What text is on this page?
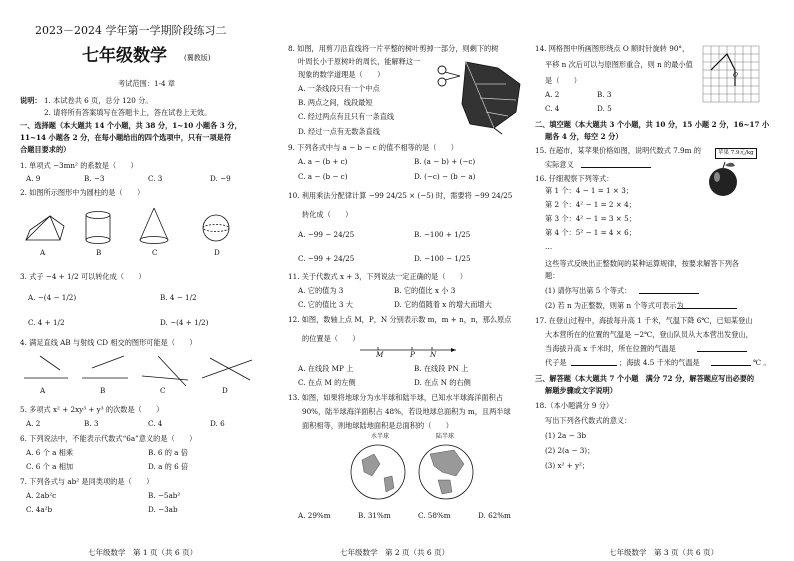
2023－2024 学年第一学期阶段练习二
七年级数学 (冀教版)
考试范围：1-4 章
说明： 1. 本试卷共 6 页，总分 120 分。
2. 请将所有答案填写在答题卡上，答在试卷上无效。
一、选择题（本大题共 14 个小题，共 38 分，1~10 小题各 3 分，
11~14 小题各 2 分，在每小题给出的四个选项中，只有一项是符
合题目要求的）
1. 单项式 −3mn² 的系数是（　　）
A. 9	B. −3	C. 3	D. −9
2. 如图所示图形中为圆柱的是（　　）
A	B	C	D
3. 式子 −4 + 1/2 可以转化成（　　）
A. −(4 − 1/2)	B. 4 − 1/2
C. 4 + 1/2	D. −(4 + 1/2)
4. 满足直线 AB 与射线 CD 相交的图形可能是（　　）
A	B	C	D
5. 多项式 x² + 2xy³ + y³ 的次数是（　　）
A. 2	B. 3	C. 4	D. 6
6. 下列说法中，不能表示代数式“6a”意义的是（　　）
A. 6 个 a 相乘	B. 6 的 a 倍
C. 6 个 a 相加	D. a 的 6 倍
7. 下列各式与 ab² 是同类项的是（　　）
A. 2ab²c	B. −5ab²
C. 4a²b	D. −3ab
七年级数学　第 1 页（共 6 页）
8. 如图，用剪刀沿直线将一片平整的树叶剪掉一部分，则剩下的树
叶周长小于原树叶的周长，能解释这一
现象的数学道理是（　　）
A. 一条线段只有一个中点
B. 两点之间，线段最短
C. 经过两点有且只有一条直线
D. 经过一点有无数条直线
9. 下列各式中与 a − b − c 的值不相等的是（　　）
A. a − (b + c)	B. (a − b) + (−c)
C. a − (b − c)	D. (−c) − (b − a)
10. 利用乘法分配律计算 −99 24/25 × (−5) 时，需要将 −99 24/25
转化成（　　）
A. −99 − 24/25	B. −100 + 1/25
C. −99 + 24/25	D. −100 − 1/25
11. 关于代数式 x + 3，下列说法一定正确的是（　　）
A. 它的值为 3	B. 它的值比 x 小 3
C. 它的值比 3 大	D. 它的值随着 x 的增大而增大
12. 如图，数轴上点 M，P，N 分别表示数 m，m + n，n，那么原点
的位置是（　　）
M	P N
A. 在线段 MP 上	B. 在线段 PN 上
C. 在点 M 的左侧	D. 在点 N 的右侧
13. 如图，如果将地球分为水半球和陆半球，已知水半球海洋面积占
90%，陆半球海洋面积占 48%，若设地球总面积为 m，且两半球
面积相等，则地球陆地面积是总面积的（　　）
水半球	陆半球
A. 29%m	B. 31%m	C. 58%m	D. 62%m
七年级数学　第 2 页（共 6 页）
14. 网格图中所画图形绕点 O 顺时针旋转 90°，
平移 n 次后可以与原图形重合，则 n 的最小值
是（　　）
A. 2	B. 3
C. 4	D. 5
O
二、填空题（本大题共 3 个小题，共 10 分，15 小题 2 分，16~17 小
题各 4 分，每空 2 分）
15. 在超市，某苹果价格如图，说明代数式 7.9m 的
实际意义
苹果 7.9元/kg
16. 仔细观察下列等式：
第 1 个：4 − 1 = 1 × 3；
第 2 个：4² − 1 = 2 × 4；
第 3 个：4² − 1 = 3 × 5；
第 4 个：5² − 1 = 4 × 6；
…
这些等式反映出正整数间的某种运算规律，按要求解答下列各
题：
(1) 请你写出第 5 个等式：
(2) 若 n 为正整数，则第 n 个等式可表示为
17. 在登山过程中，海拔每升高 1 千米，气温下降 6℃，已知某登山
大本营所在的位置的气温是 −2℃，登山队员从大本营出发登山，
当海拔升高 x 千米时，所在位置的气温是
代子是	；海拔 4.5 千米的气温是	℃ 。
三、解答题（本大题共 7 个小题　满分 72 分，解答题应写出必要的
解题步骤或文字说明）
18.（本小题满分 9 分）
写出下列各代数式的意义：
(1) 2a − 3b
(2) 2(a − 3)；
(3) x² + y²；
七年级数学　第 3 页（共 6 页）
